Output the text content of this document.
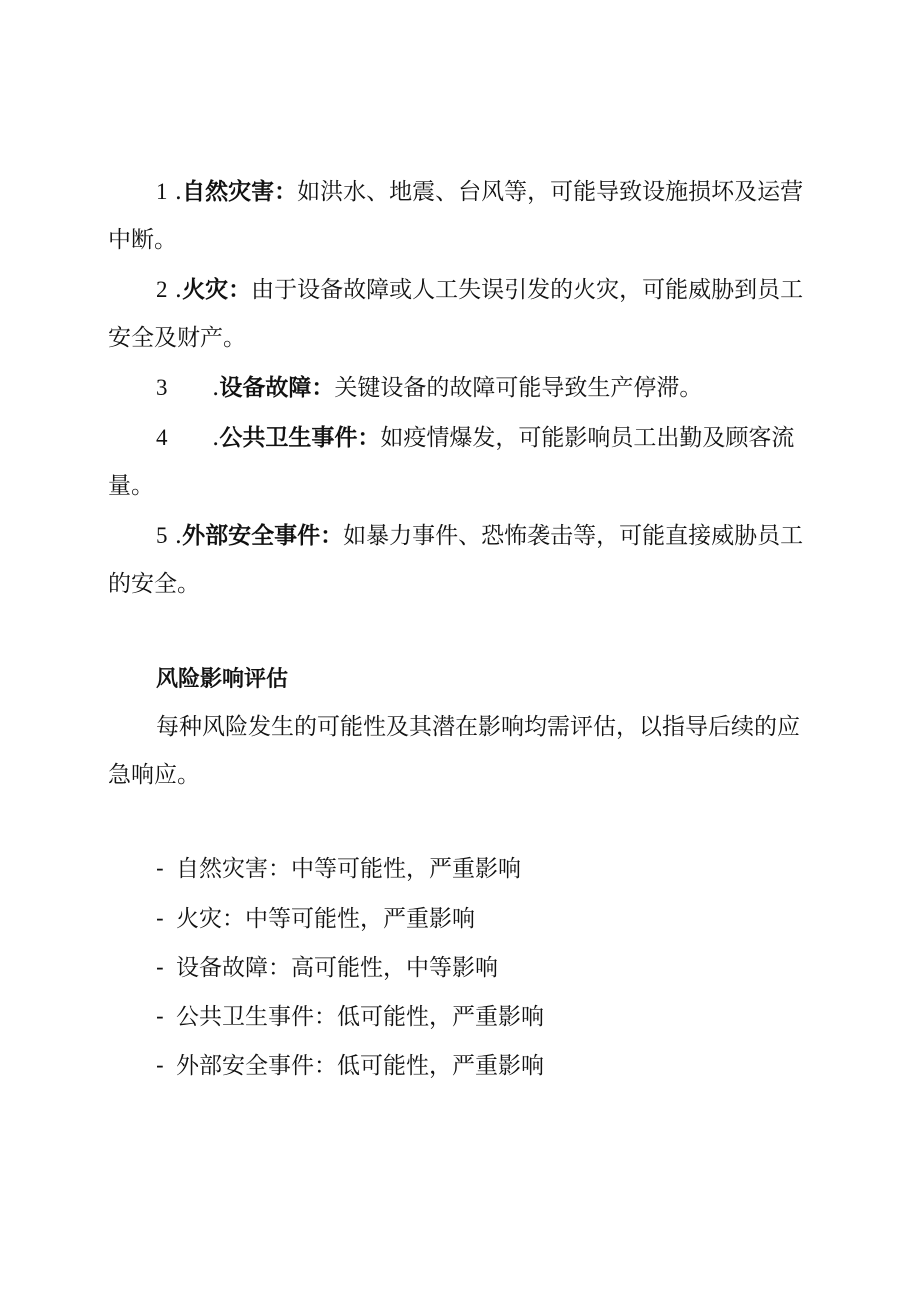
1 .自然灾害：如洪水、地震、台风等，可能导致设施损坏及运营
中断。
2 .火灾：由于设备故障或人工失误引发的火灾，可能威胁到员工
安全及财产。
3 .设备故障：关键设备的故障可能导致生产停滞。
4 .公共卫生事件：如疫情爆发，可能影响员工出勤及顾客流
量。
5 .外部安全事件：如暴力事件、恐怖袭击等，可能直接威胁员工
的安全。
风险影响评估
每种风险发生的可能性及其潜在影响均需评估，以指导后续的应
急响应。
- 自然灾害：中等可能性，严重影响
- 火灾：中等可能性，严重影响
- 设备故障：高可能性，中等影响
- 公共卫生事件：低可能性，严重影响
- 外部安全事件：低可能性，严重影响
